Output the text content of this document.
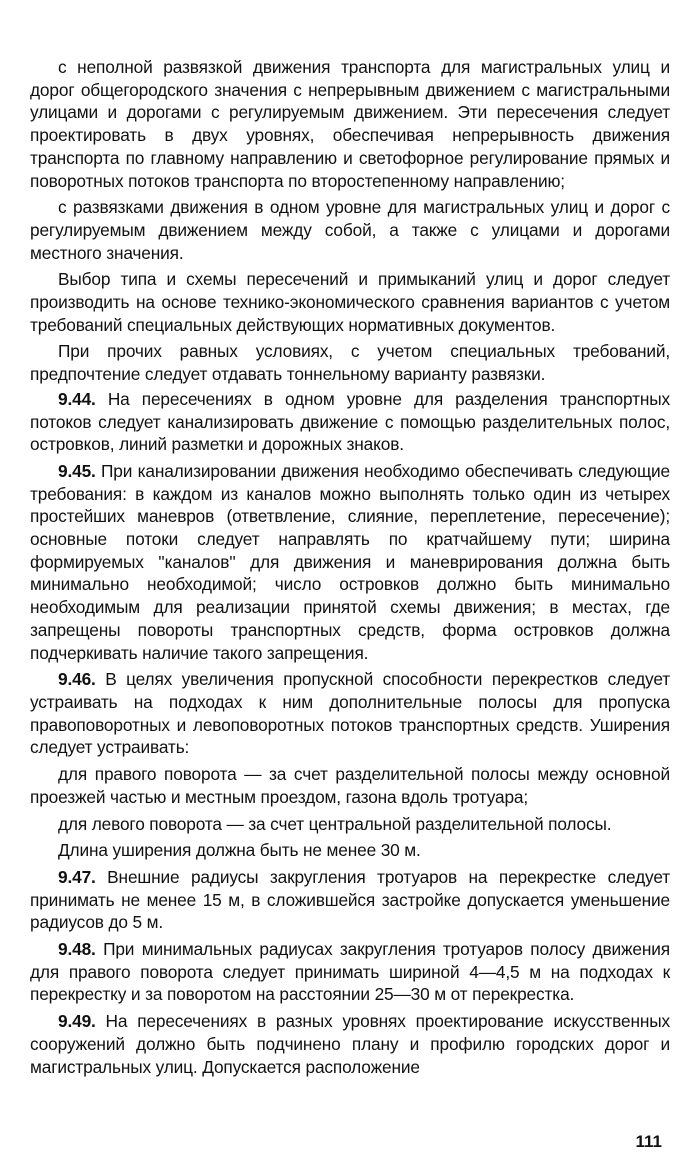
с неполной развязкой движения транспорта для магистральных улиц и дорог общегородского значения с непрерывным движением с магистральными улицами и дорогами с регулируемым движением. Эти пересечения следует проектировать в двух уровнях, обеспечивая непрерывность движения транспорта по главному направлению и светофорное регулирование прямых и поворотных потоков транспорта по второстепенному направлению;

с развязками движения в одном уровне для магистральных улиц и дорог с регулируемым движением между собой, а также с улицами и дорогами местного значения.

Выбор типа и схемы пересечений и примыканий улиц и дорог следует производить на основе технико-экономического сравнения вариантов с учетом требований специальных действующих нормативных документов.

При прочих равных условиях, с учетом специальных требований, предпочтение следует отдавать тоннельному варианту развязки.

9.44. На пересечениях в одном уровне для разделения транспортных потоков следует канализировать движение с помощью разделительных полос, островков, линий разметки и дорожных знаков.

9.45. При канализировании движения необходимо обеспечивать следующие требования: в каждом из каналов можно выполнять только один из четырех простейших маневров (ответвление, слияние, переплетение, пересечение); основные потоки следует направлять по кратчайшему пути; ширина формируемых ''каналов'' для движения и маневрирования должна быть минимально необходимой; число островков должно быть минимально необходимым для реализации принятой схемы движения; в местах, где запрещены повороты транспортных средств, форма островков должна подчеркивать наличие такого запрещения.

9.46. В целях увеличения пропускной способности перекрестков следует устраивать на подходах к ним дополнительные полосы для пропуска правоповоротных и левоповоротных потоков транспортных средств. Уширения следует устраивать:

для правого поворота — за счет разделительной полосы между основной проезжей частью и местным проездом, газона вдоль тротуара;

для левого поворота — за счет центральной разделительной полосы.

Длина уширения должна быть не менее 30 м.

9.47. Внешние радиусы закругления тротуаров на перекрестке следует принимать не менее 15 м, в сложившейся застройке допускается уменьшение радиусов до 5 м.

9.48. При минимальных радиусах закругления тротуаров полосу движения для правого поворота следует принимать шириной 4—4,5 м на подходах к перекрестку и за поворотом на расстоянии 25—30 м от перекрестка.

9.49. На пересечениях в разных уровнях проектирование искусственных сооружений должно быть подчинено плану и профилю городских дорог и магистральных улиц. Допускается расположение

111
